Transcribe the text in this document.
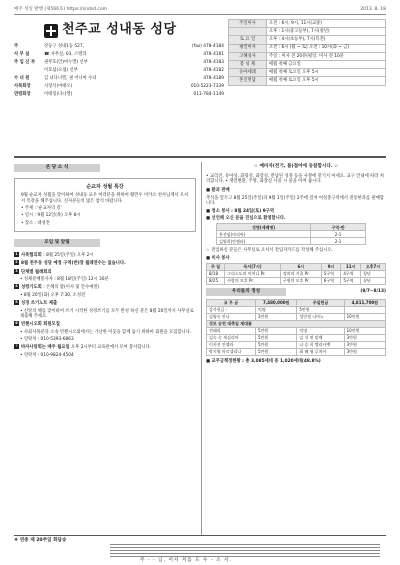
매주 성일 발행 (제566호) https://sndsd.com	2013. 8. 18
천주교 성내동 성당
주	강동구 성내1동 527,	(fax) 478-4184
사 무 실	☎ 사무실, 03, 스텔라	478-4181
주 임 신 부	권무호(안)마누엘) 신부	478-4183
이호섭(요셉) 신부	478-4182
수 녀 원	김 녀다니엘, 권 어니마 수녀	478-4189
사목회장	서형석(마태오)	010-5223-7339
연령회장	이태형(다니엘)	011-784-1149
주일미사	오전 : 6시, 9시, 11시(교중)
	오후 : 1시(중고등부), 7시(청년)
토 요 일	오후 : 4시(초등부), 7시(특전)
평일미사	오전 : 6시 (월 ~ 토) 오전 : 10시(화 ~ 금)
고해성사	주일 : 미사 전 20분(평일: 미사 전 10분
봉 성 체	매월 첫째 금요일
유아세례	매월 첫째 토요일 오후 5시
혼인면담	매월 첫째 토요일 오후 5시
본 당 소 식
순교자 성월 특강

9월 순교자 성월을 맞이하여 성내동 교우 여러분을 위하여 황민우 미카요 천사님께서 오셔서 특강을 해주십니다. 신자분들의 많은 참석 바랍니다.

• 주제 : '순교자의 길'

• 일시 : 9월 12일(목) 오후 8시

• 장소 : 대성전

모임 및 알림

1 사목협의회 : 8월 25일(주일) 오후 2시

2 8월 천주동 성당 예정 구역(반)장 월례연수는 없습니다.

3 단체별 월례회의

• 성체분배봉사자 : 8월 18일(주일) 12시 30분

4 성령기도회 : 은혜의 밤(미사 및 안수예절)

• 8월 20일(화) 오후 7:30, 소성전

5 성경 쓰기노트 제출

• 신앙의 해를 맞이하여 쓰기 시작한 성경쓰기를 모두 완성 하신 분은 8월 20일까지 사무실로 제출해 주세요.

6 빈첸시오회 회원모집

• 사회사목분과 소속 빈첸시오회에서는 가난한 이웃을 함께 돕기 위하여 회원을 모집합니다.

• 연락처 : 010-5393-6863

7 바자사랑회는 매주 월요일 오후 2시부터 교육관에서 모여 봉사합니다.

• 연락처 : 010-9824-4504

☆ 예비자(전기, 몸)접어에 동참합시다. ☆

• 교리진, 유아성, 화형성, 화장성, 반납된 성경 등을 사찰에 맡기지 마세요. 교구 안내에 따라 처리합니다. • 재연변환, 주방, 화장실 사용 시 물을 아껴 씁시다.

■ 환과 판매

추석을 앞두고 8월 25일(주일)과 9월 1일(주일) 2주에 걸쳐 여성총구역에서 전통한과를 판매합니다.

■ 청소 봉사 : 8월 24일(토) 9구역

■ 선언해 오신 분을 진심으로 환영합니다.

성명(세례명)	구역-반
홍선임(마리아)	2-1
김영희(안젤라)	2-1

☞ 전입하신 분들은 사무실로 오셔서 전입자카드를 작성해 주십시오.

■ 미사 봉사

주 일	독서(7시)	6시	9시	11시	오후7시
8/18	그리스도의 어머니 Pr.	정의의 거울 Pr.	5구역	4구역	청년
8/25	사랑의 모후 Pr.	구원의 모후 Pr.	6구역	5구역	청년
우리들의 정성	(8/7~8/13)
교 무 금	7,480,000원	주일헌금	4,811,700원
감사헌금 :	익명	5만원	
김영숙 안나	3만원	성민정 니마노	10만원
성모 승천 대축일 제대꽃			
전래리	5만원	익명	10만원
김숙 숙 세실리아	5만원	김 석 연 말배	3만원
이지선 안젤라	5만원	나 승 희 엘리사벳	3만원
박지영 마르셀리나	5만원	최 해 영 루치아	3만원

■ 교무금책정현황 : 총 3,085세대 중 1,020세대(48.8%)

❖ 연중 제 20주일 화답송
주 - - 님, 어서 저를 도 우 - 소 서.
